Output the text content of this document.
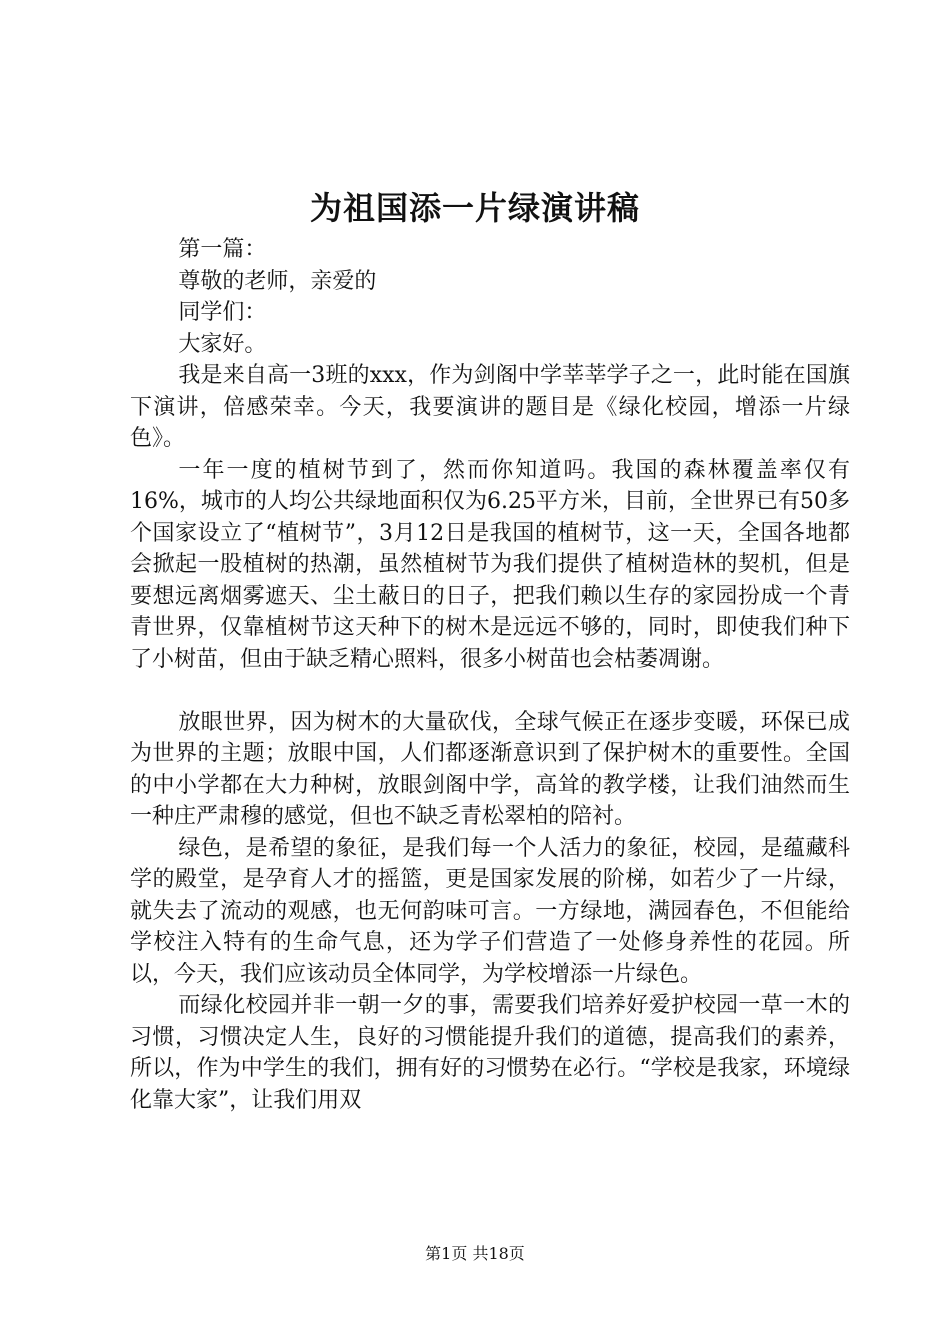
为祖国添一片绿演讲稿

第一篇：

尊敬的老师，亲爱的

同学们：

大家好。

我是来自高一3班的xxx，作为剑阁中学莘莘学子之一，此时能在国旗下演讲，倍感荣幸。今天，我要演讲的题目是《绿化校园，增添一片绿色》。

一年一度的植树节到了，然而你知道吗。我国的森林覆盖率仅有16%，城市的人均公共绿地面积仅为6.25平方米，目前，全世界已有50多个国家设立了“植树节”，3月12日是我国的植树节，这一天，全国各地都会掀起一股植树的热潮，虽然植树节为我们提供了植树造林的契机，但是要想远离烟雾遮天、尘土蔽日的日子，把我们赖以生存的家园扮成一个青青世界，仅靠植树节这天种下的树木是远远不够的，同时，即使我们种下了小树苗，但由于缺乏精心照料，很多小树苗也会枯萎凋谢。

放眼世界，因为树木的大量砍伐，全球气候正在逐步变暖，环保已成为世界的主题；放眼中国，人们都逐渐意识到了保护树木的重要性。全国的中小学都在大力种树，放眼剑阁中学，高耸的教学楼，让我们油然而生一种庄严肃穆的感觉，但也不缺乏青松翠柏的陪衬。

绿色，是希望的象征，是我们每一个人活力的象征，校园，是蕴藏科学的殿堂，是孕育人才的摇篮，更是国家发展的阶梯，如若少了一片绿，就失去了流动的观感，也无何韵味可言。一方绿地，满园春色，不但能给学校注入特有的生命气息，还为学子们营造了一处修身养性的花园。所以，今天，我们应该动员全体同学，为学校增添一片绿色。

而绿化校园并非一朝一夕的事，需要我们培养好爱护校园一草一木的习惯，习惯决定人生，良好的习惯能提升我们的道德，提高我们的素养，所以，作为中学生的我们，拥有好的习惯势在必行。“学校是我家，环境绿化靠大家”，让我们用双

第1页 共18页
